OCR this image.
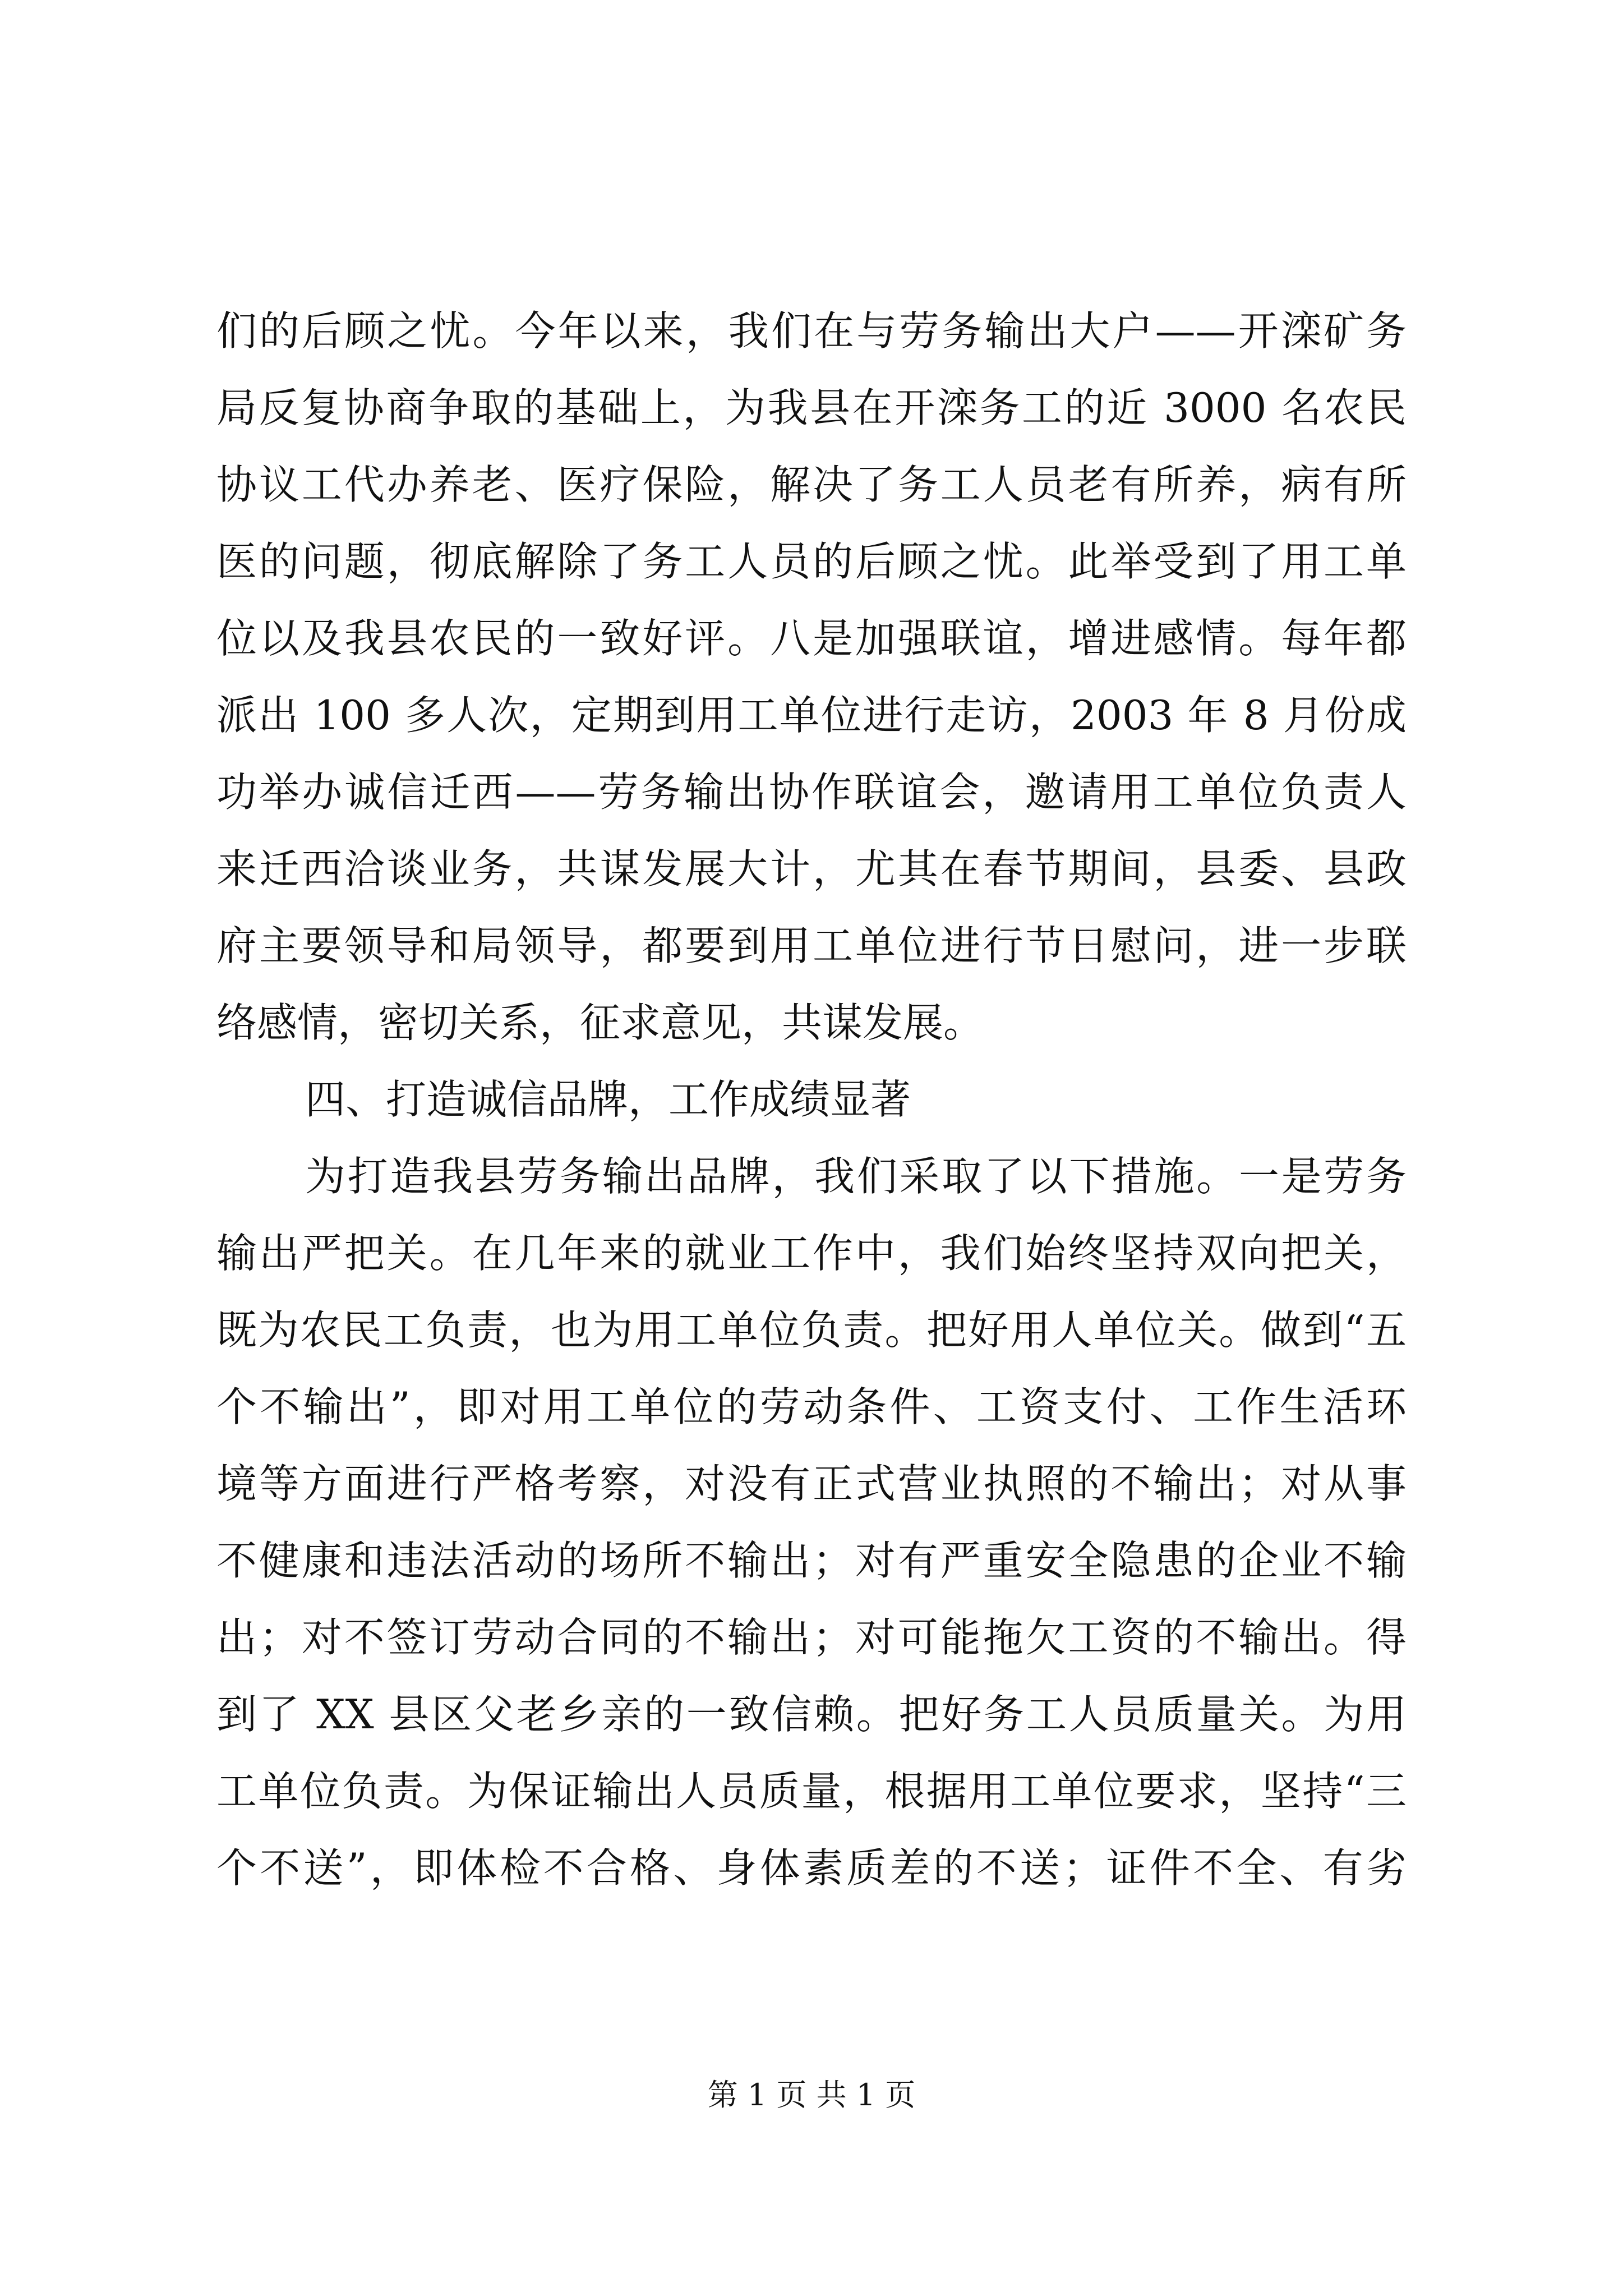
们的后顾之忧。今年以来，我们在与劳务输出大户——开滦矿务
局反复协商争取的基础上，为我县在开滦务工的近 3000 名农民
协议工代办养老、医疗保险，解决了务工人员老有所养，病有所
医的问题，彻底解除了务工人员的后顾之忧。此举受到了用工单
位以及我县农民的一致好评。八是加强联谊，增进感情。每年都
派出 100 多人次，定期到用工单位进行走访，2003 年 8 月份成
功举办诚信迁西——劳务输出协作联谊会，邀请用工单位负责人
来迁西洽谈业务，共谋发展大计，尤其在春节期间，县委、县政
府主要领导和局领导，都要到用工单位进行节日慰问，进一步联
络感情，密切关系，征求意见，共谋发展。
四、打造诚信品牌，工作成绩显著
为打造我县劳务输出品牌，我们采取了以下措施。一是劳务
输出严把关。在几年来的就业工作中，我们始终坚持双向把关，
既为农民工负责，也为用工单位负责。把好用人单位关。做到“五
个不输出”，即对用工单位的劳动条件、工资支付、工作生活环
境等方面进行严格考察，对没有正式营业执照的不输出；对从事
不健康和违法活动的场所不输出；对有严重安全隐患的企业不输
出；对不签订劳动合同的不输出；对可能拖欠工资的不输出。得
到了 XX 县区父老乡亲的一致信赖。把好务工人员质量关。为用
工单位负责。为保证输出人员质量，根据用工单位要求，坚持“三
个不送”，即体检不合格、身体素质差的不送；证件不全、有劣
第 1 页 共 1 页
